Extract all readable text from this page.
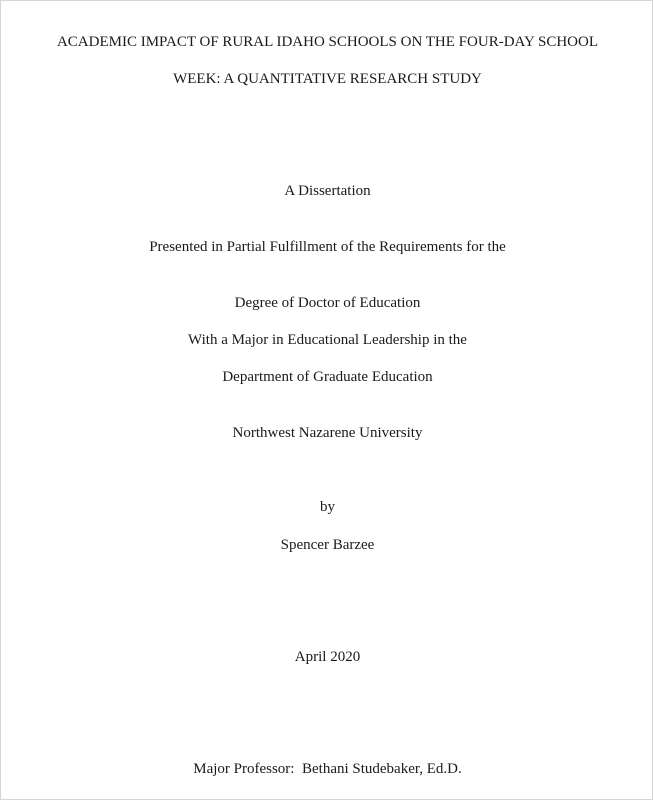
ACADEMIC IMPACT OF RURAL IDAHO SCHOOLS ON THE FOUR-DAY SCHOOL
WEEK: A QUANTITATIVE RESEARCH STUDY
A Dissertation
Presented in Partial Fulfillment of the Requirements for the
Degree of Doctor of Education
With a Major in Educational Leadership in the
Department of Graduate Education
Northwest Nazarene University
by
Spencer Barzee
April 2020
Major Professor: Bethani Studebaker, Ed.D.
